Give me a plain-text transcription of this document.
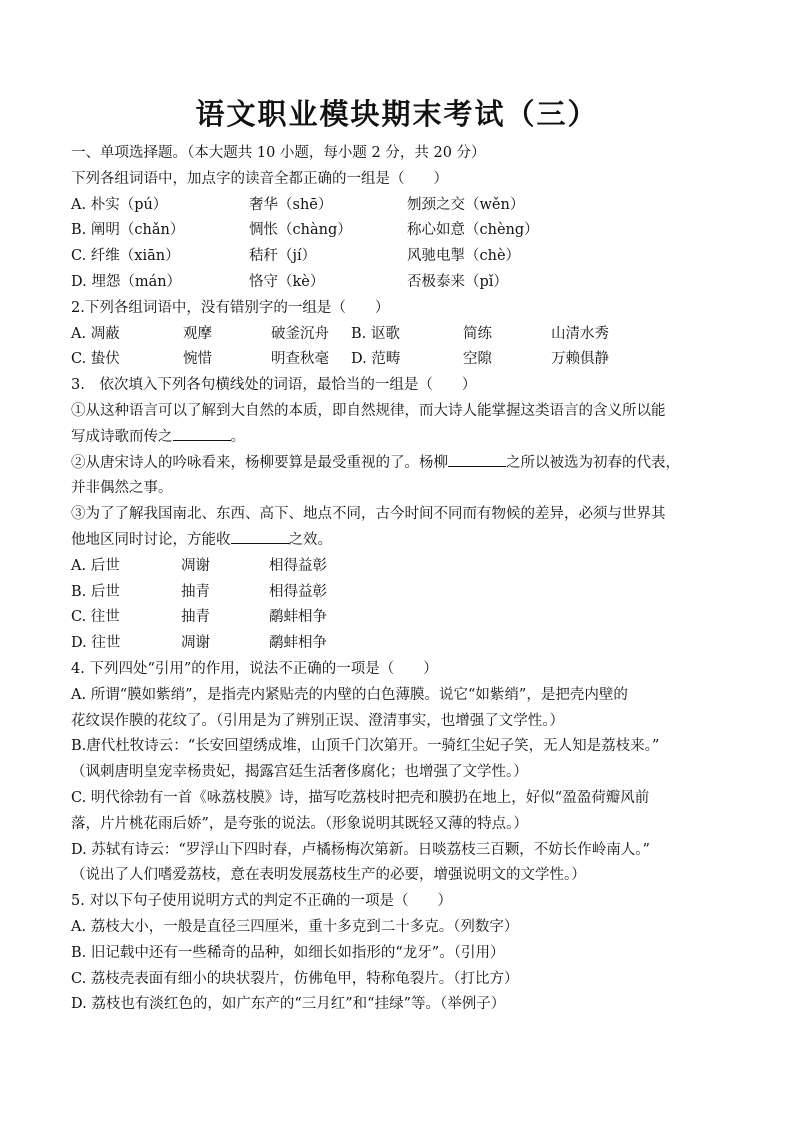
语文职业模块期末考试（三）
一、单项选择题。（本大题共 10 小题，每小题 2 分，共 20 分）
下列各组词语中，加点字的读音全都正确的一组是（　　）
A. 朴实（pú）	奢华（shē）	刎颈之交（wěn）
B. 阐明（chǎn）	惆怅（chàng）	称心如意（chèng）
C. 纤维（xiān）	秸秆（jí）	风驰电掣（chè）
D. 埋怨（mán）	恪守（kè）	否极泰来（pǐ）
2.下列各组词语中，没有错别字的一组是（　　）
A. 凋蔽	观摩	破釜沉舟	B. 讴歌	简练	山清水秀
C. 蛰伏	惋惜	明查秋毫	D. 范畴	空隙	万赖俱静
3.　依次填入下列各句横线处的词语，最恰当的一组是（　　）
①从这种语言可以了解到大自然的本质，即自然规律，而大诗人能掌握这类语言的含义所以能
写成诗歌而传之	。
②从唐宋诗人的吟咏看来，杨柳要算是最受重视的了。杨柳	之所以被选为初春的代表，
并非偶然之事。
③为了了解我国南北、东西、高下、地点不同，古今时间不同而有物候的差异，必须与世界其
他地区同时讨论，方能收	之效。
A. 后世	凋谢	相得益彰
B. 后世	抽青	相得益彰
C. 往世	抽青	鹬蚌相争
D. 往世	凋谢	鹬蚌相争
4. 下列四处“引用”的作用，说法不正确的一项是（　　）
A. 所谓“膜如紫绡”，是指壳内紧贴壳的内壁的白色薄膜。说它“如紫绡”，是把壳内壁的
花纹误作膜的花纹了。（引用是为了辨别正误、澄清事实，也增强了文学性。）
B.唐代杜牧诗云：“长安回望绣成堆，山顶千门次第开。一骑红尘妃子笑，无人知是荔枝来。”
（讽刺唐明皇宠幸杨贵妃，揭露宫廷生活奢侈腐化；也增强了文学性。）
C. 明代徐勃有一首《咏荔枝膜》诗，描写吃荔枝时把壳和膜扔在地上，好似“盈盈荷瓣风前
落，片片桃花雨后娇”，是夸张的说法。（形象说明其既轻又薄的特点。）
D. 苏轼有诗云：“罗浮山下四时春，卢橘杨梅次第新。日啖荔枝三百颗，不妨长作岭南人。”
（说出了人们嗜爱荔枝，意在表明发展荔枝生产的必要，增强说明文的文学性。）
5. 对以下句子使用说明方式的判定不正确的一项是（　　）
A. 荔枝大小，一般是直径三四厘米，重十多克到二十多克。（列数字）
B. 旧记载中还有一些稀奇的品种，如细长如指形的“龙牙”。（引用）
C. 荔枝壳表面有细小的块状裂片，仿佛龟甲，特称龟裂片。（打比方）
D. 荔枝也有淡红色的，如广东产的“三月红”和“挂绿”等。（举例子）
